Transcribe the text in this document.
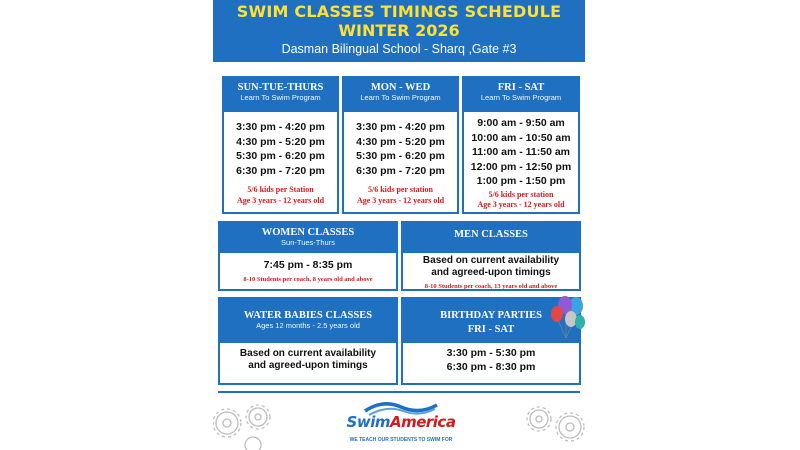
SWIM CLASSES TIMINGS SCHEDULE
WINTER 2026
Dasman Bilingual School - Sharq ,Gate #3
SUN-TUE-THURS
Learn To Swim Program
3:30 pm - 4:20 pm
4:30 pm - 5:20 pm
5:30 pm - 6:20 pm
6:30 pm - 7:20 pm
5/6 kids per Station
Age 3 years - 12 years old
MON - WED
Learn To Swim Program
3:30 pm - 4:20 pm
4:30 pm - 5:20 pm
5:30 pm - 6:20 pm
6:30 pm - 7:20 pm
5/6 kids per station
Age 3 years - 12 years old
FRI - SAT
Learn To Swim Program
9:00 am - 9:50 am
10:00 am - 10:50 am
11:00 am - 11:50 am
12:00 pm - 12:50 pm
1:00 pm - 1:50 pm
5/6 kids per station
Age 3 years - 12 years old
WOMEN CLASSES
Sun-Tues-Thurs
7:45 pm - 8:35 pm
8-10 Students per coach, 8 years old and above
MEN CLASSES
Based on current availability
and agreed-upon timings
8-10 Students per coach, 13 years old and above
WATER BABIES CLASSES
Ages 12 months - 2.5 years old
Based on current availability
and agreed-upon timings
BIRTHDAY PARTIES
FRI - SAT
3:30 pm - 5:30 pm
6:30 pm - 8:30 pm
SwimAmerica
WE TEACH OUR STUDENTS TO SWIM FOR
